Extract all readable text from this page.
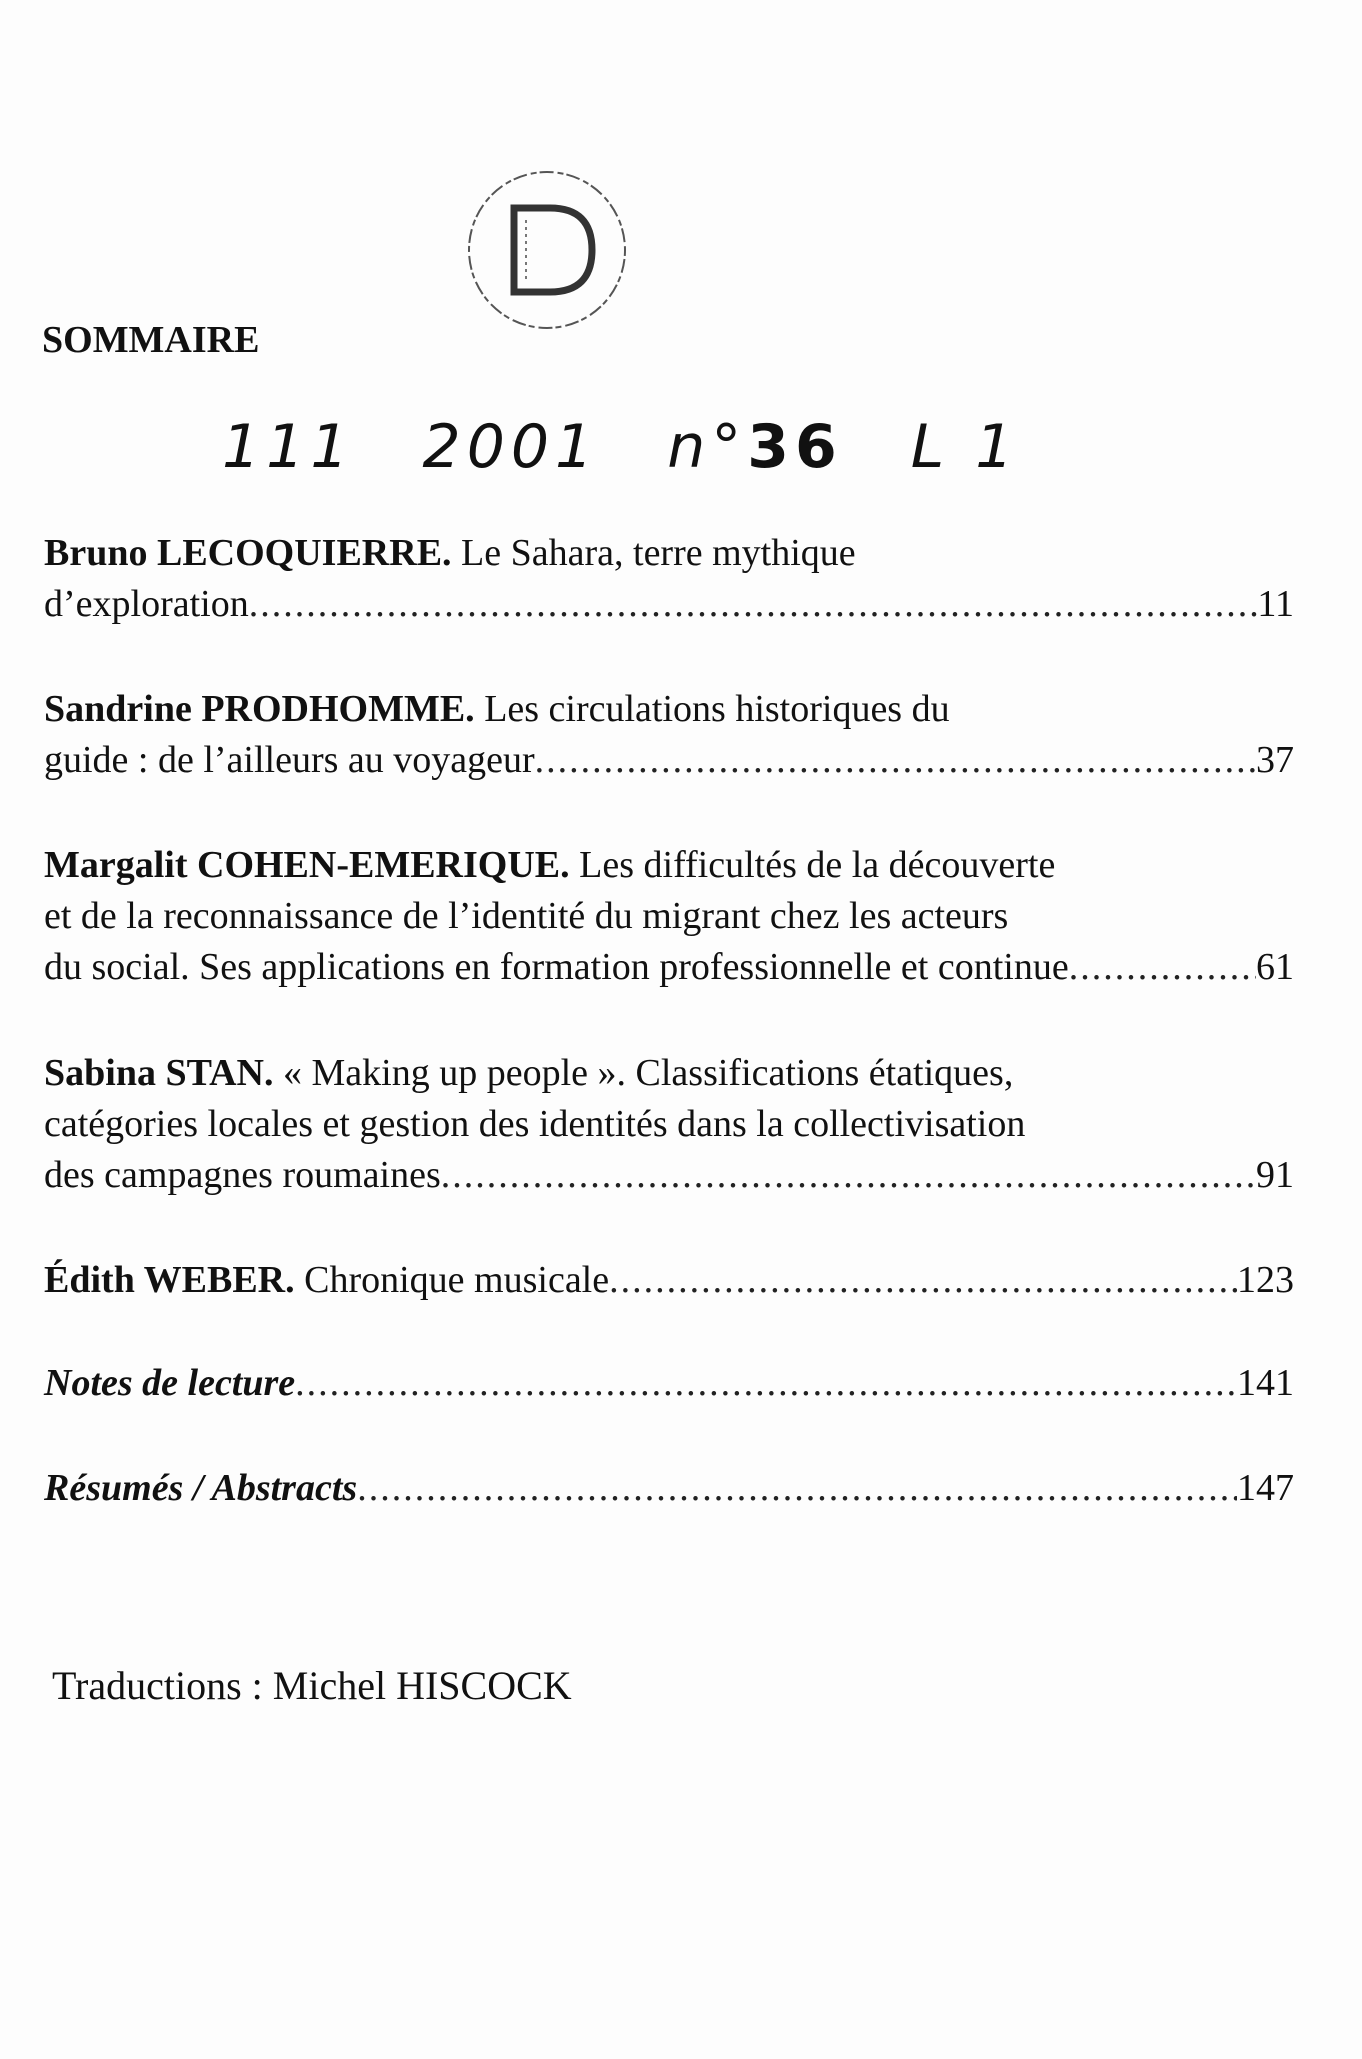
SOMMAIRE
111 2001 n°36 L 1
Bruno LECOQUIERRE. Le Sahara, terre mythique
d’exploration .....	11
Sandrine PRODHOMME. Les circulations historiques du
guide : de l’ailleurs au voyageur .....	37
Margalit COHEN-EMERIQUE. Les difficultés de la découverte
et de la reconnaissance de l’identité du migrant chez les acteurs
du social. Ses applications en formation professionnelle et continue .....	61
Sabina STAN. « Making up people ». Classifications étatiques,
catégories locales et gestion des identités dans la collectivisation
des campagnes roumaines .....	91
Édith WEBER. Chronique musicale .....	123
Notes de lecture .....	141
Résumés / Abstracts .....	147
Traductions : Michel HISCOCK
